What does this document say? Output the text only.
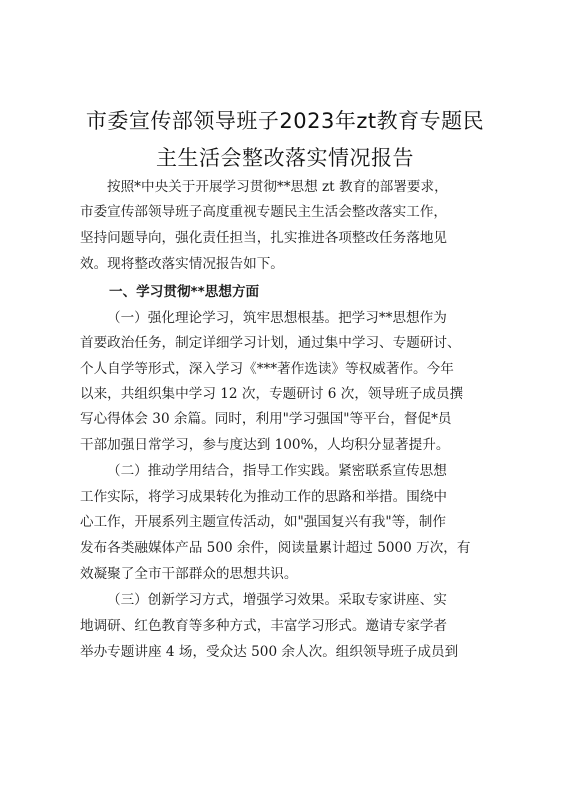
市委宣传部领导班子2023年zt教育专题民
主生活会整改落实情况报告
按照*中央关于开展学习贯彻**思想 zt 教育的部署要求，
市委宣传部领导班子高度重视专题民主生活会整改落实工作，
坚持问题导向，强化责任担当，扎实推进各项整改任务落地见
效。现将整改落实情况报告如下。
一、学习贯彻**思想方面
（一）强化理论学习，筑牢思想根基。把学习**思想作为
首要政治任务，制定详细学习计划，通过集中学习、专题研讨、
个人自学等形式，深入学习《***著作选读》等权威著作。今年
以来，共组织集中学习 12 次，专题研讨 6 次，领导班子成员撰
写心得体会 30 余篇。同时，利用"学习强国"等平台，督促*员
干部加强日常学习，参与度达到 100%，人均积分显著提升。
（二）推动学用结合，指导工作实践。紧密联系宣传思想
工作实际，将学习成果转化为推动工作的思路和举措。围绕中
心工作，开展系列主题宣传活动，如"强国复兴有我"等，制作
发布各类融媒体产品 500 余件，阅读量累计超过 5000 万次，有
效凝聚了全市干部群众的思想共识。
（三）创新学习方式，增强学习效果。采取专家讲座、实
地调研、红色教育等多种方式，丰富学习形式。邀请专家学者
举办专题讲座 4 场，受众达 500 余人次。组织领导班子成员到
